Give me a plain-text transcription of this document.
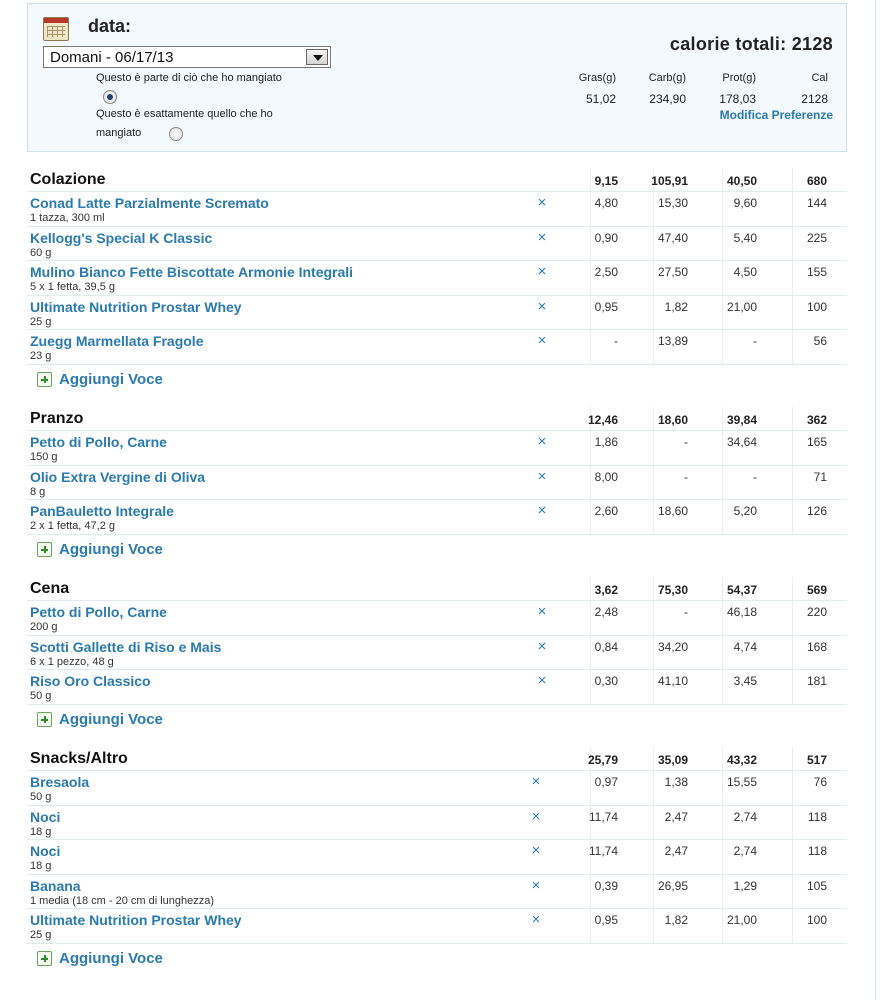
data:
Domani - 06/17/13
Questo è parte di ciò che ho mangiato
Questo è esattamente quello che ho
mangiato
calorie totali: 2128
Gras(g)	Carb(g)	Prot(g)	Cal
51,02	234,90	178,03	2128
Modifica Preferenze
Colazione	9,15	105,91	40,50	680
Conad Latte Parzialmente Scremato
1 tazza, 300 ml
×	4,80	15,30	9,60	144
Kellogg's Special K Classic
60 g
×	0,90	47,40	5,40	225
Mulino Bianco Fette Biscottate Armonie Integrali
5 x 1 fetta, 39,5 g
×	2,50	27,50	4,50	155
Ultimate Nutrition Prostar Whey
25 g
×	0,95	1,82	21,00	100
Zuegg Marmellata Fragole
23 g
×	-	13,89	-	56
Aggiungi Voce
Pranzo	12,46	18,60	39,84	362
Petto di Pollo, Carne
150 g
×	1,86	-	34,64	165
Olio Extra Vergine di Oliva
8 g
×	8,00	-	-	71
PanBauletto Integrale
2 x 1 fetta, 47,2 g
×	2,60	18,60	5,20	126
Aggiungi Voce
Cena	3,62	75,30	54,37	569
Petto di Pollo, Carne
200 g
×	2,48	-	46,18	220
Scotti Gallette di Riso e Mais
6 x 1 pezzo, 48 g
×	0,84	34,20	4,74	168
Riso Oro Classico
50 g
×	0,30	41,10	3,45	181
Aggiungi Voce
Snacks/Altro	25,79	35,09	43,32	517
Bresaola
50 g
×	0,97	1,38	15,55	76
Noci
18 g
×	11,74	2,47	2,74	118
Noci
18 g
×	11,74	2,47	2,74	118
Banana
1 media (18 cm - 20 cm di lunghezza)
×	0,39	26,95	1,29	105
Ultimate Nutrition Prostar Whey
25 g
×	0,95	1,82	21,00	100
Aggiungi Voce
